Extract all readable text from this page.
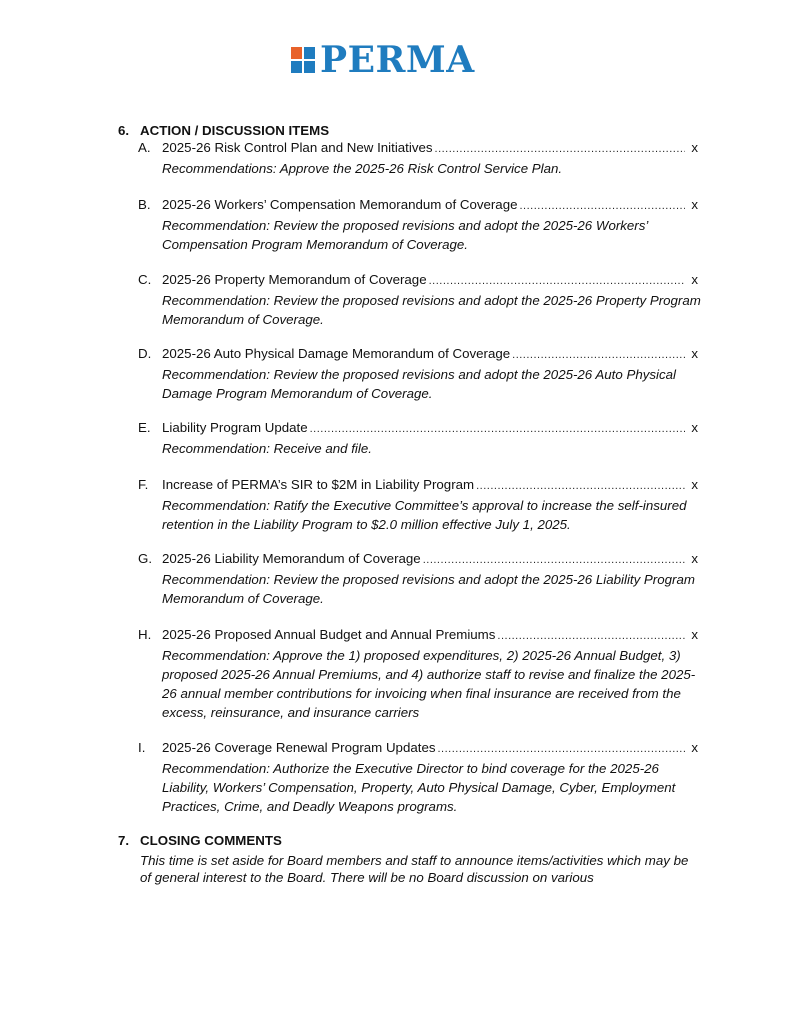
PERMA
6. ACTION / DISCUSSION ITEMS
A. 2025-26 Risk Control Plan and New Initiatives .....	x
Recommendations: Approve the 2025-26 Risk Control Service Plan.
B. 2025-26 Workers’ Compensation Memorandum of Coverage .....	x
Recommendation: Review the proposed revisions and adopt the 2025-26 Workers’ Compensation Program Memorandum of Coverage.
C. 2025-26 Property Memorandum of Coverage .....	x
Recommendation: Review the proposed revisions and adopt the 2025-26 Property Program Memorandum of Coverage.
D. 2025-26 Auto Physical Damage Memorandum of Coverage .....	x
Recommendation: Review the proposed revisions and adopt the 2025-26 Auto Physical Damage Program Memorandum of Coverage.
E. Liability Program Update .....	x
Recommendation: Receive and file.
F.	Increase of PERMA’s SIR to $2M in Liability Program .....	x
Recommendation: Ratify the Executive Committee’s approval to increase the self-insured retention in the Liability Program to $2.0 million effective July 1, 2025.
G. 2025-26 Liability Memorandum of Coverage .....	x
Recommendation: Review the proposed revisions and adopt the 2025-26 Liability Program Memorandum of Coverage.
H. 2025-26 Proposed Annual Budget and Annual Premiums .....	x
Recommendation: Approve the 1) proposed expenditures, 2) 2025-26 Annual Budget, 3) proposed 2025-26 Annual Premiums, and 4) authorize staff to revise and finalize the 2025-26 annual member contributions for invoicing when final insurance are received from the excess, reinsurance, and insurance carriers
I.	2025-26 Coverage Renewal Program Updates .....	x
Recommendation: Authorize the Executive Director to bind coverage for the 2025-26 Liability, Workers’ Compensation, Property, Auto Physical Damage, Cyber, Employment Practices, Crime, and Deadly Weapons programs.
7. CLOSING COMMENTS
This time is set aside for Board members and staff to announce items/activities which may be of general interest to the Board. There will be no Board discussion on various
